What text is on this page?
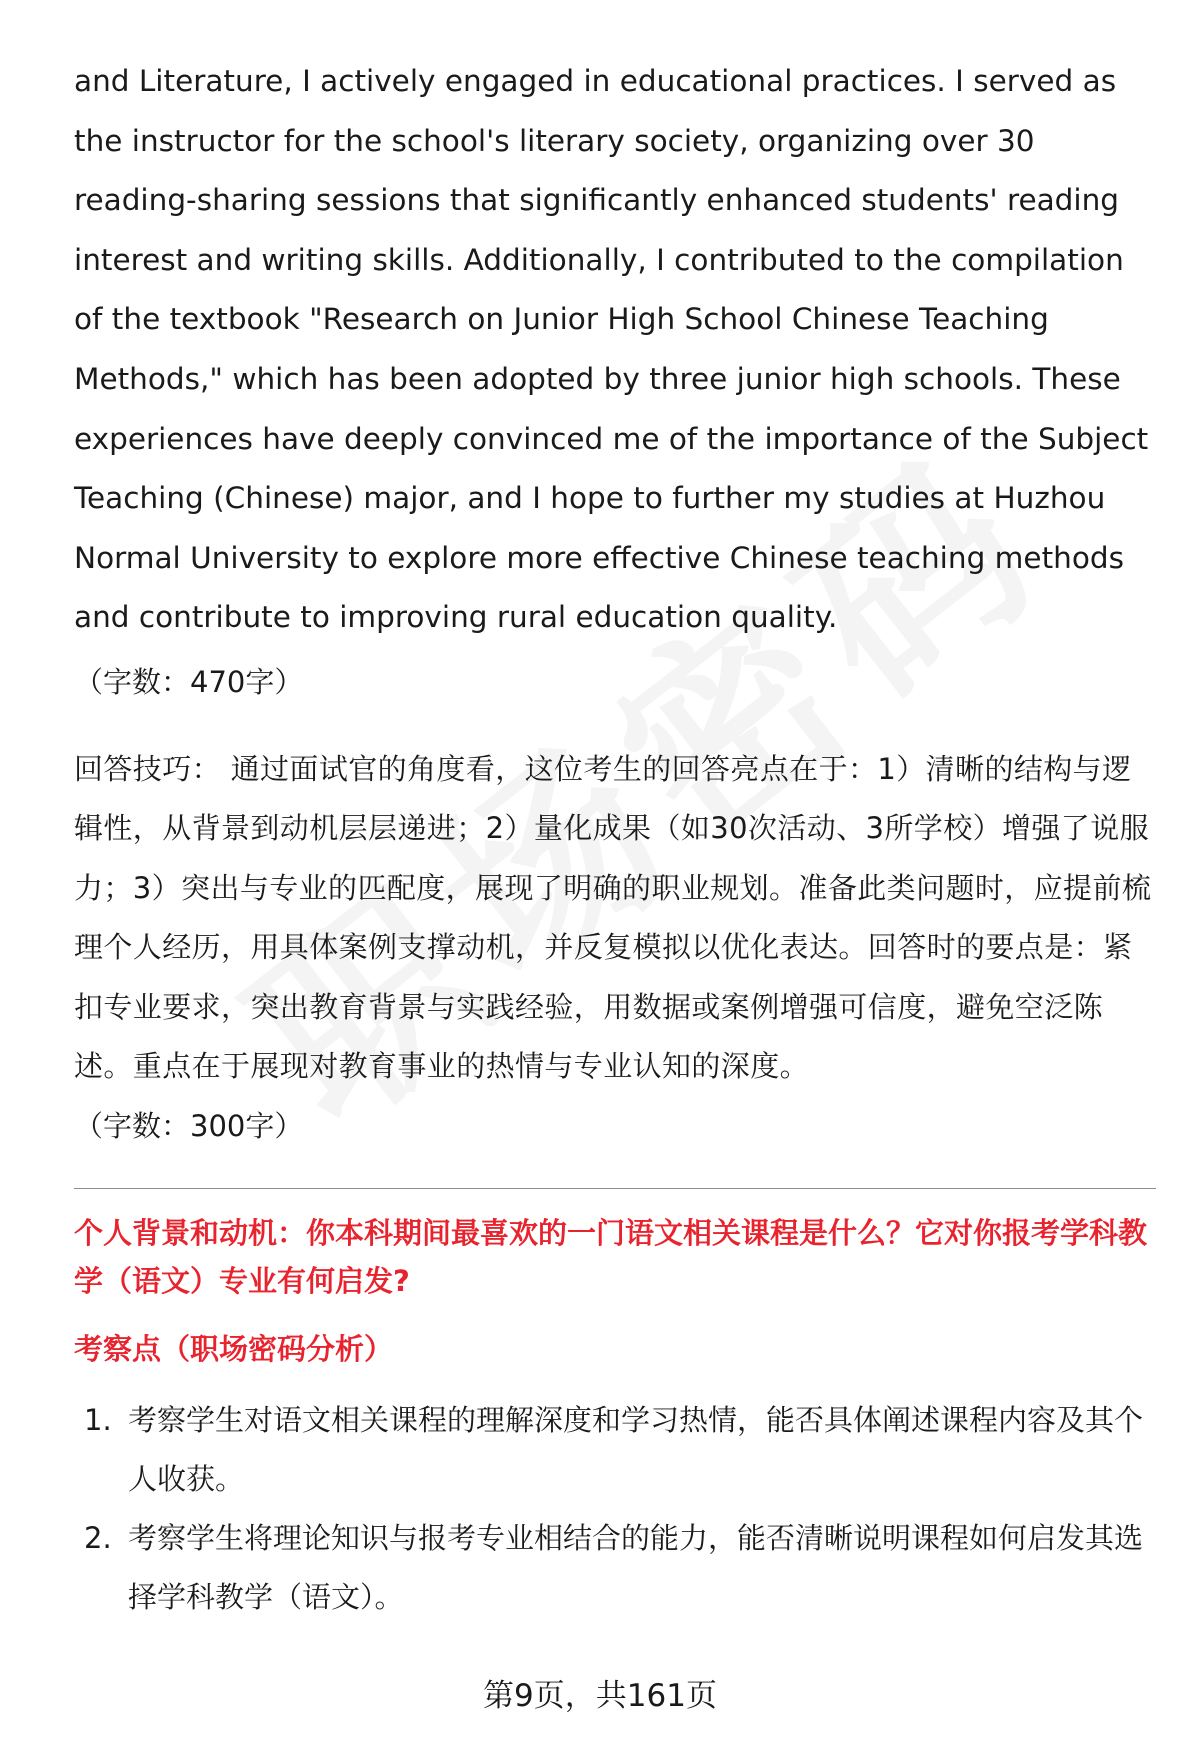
and Literature, I actively engaged in educational practices. I served as the instructor for the school's literary society, organizing over 30 reading-sharing sessions that significantly enhanced students' reading interest and writing skills. Additionally, I contributed to the compilation of the textbook "Research on Junior High School Chinese Teaching Methods," which has been adopted by three junior high schools. These experiences have deeply convinced me of the importance of the Subject Teaching (Chinese) major, and I hope to further my studies at Huzhou Normal University to explore more effective Chinese teaching methods and contribute to improving rural education quality.

（字数：470字）

回答技巧： 通过面试官的角度看，这位考生的回答亮点在于：1）清晰的结构与逻辑性，从背景到动机层层递进；2）量化成果（如30次活动、3所学校）增强了说服力；3）突出与专业的匹配度，展现了明确的职业规划。准备此类问题时，应提前梳理个人经历，用具体案例支撑动机，并反复模拟以优化表达。回答时的要点是：紧扣专业要求，突出教育背景与实践经验，用数据或案例增强可信度，避免空泛陈述。重点在于展现对教育事业的热情与专业认知的深度。

（字数：300字）

个人背景和动机：你本科期间最喜欢的一门语文相关课程是什么？它对你报考学科教学（语文）专业有何启发?

考察点（职场密码分析）

1. 考察学生对语文相关课程的理解深度和学习热情，能否具体阐述课程内容及其个人收获。
2. 考察学生将理论知识与报考专业相结合的能力，能否清晰说明课程如何启发其选择学科教学（语文）。
第9页，共161页
